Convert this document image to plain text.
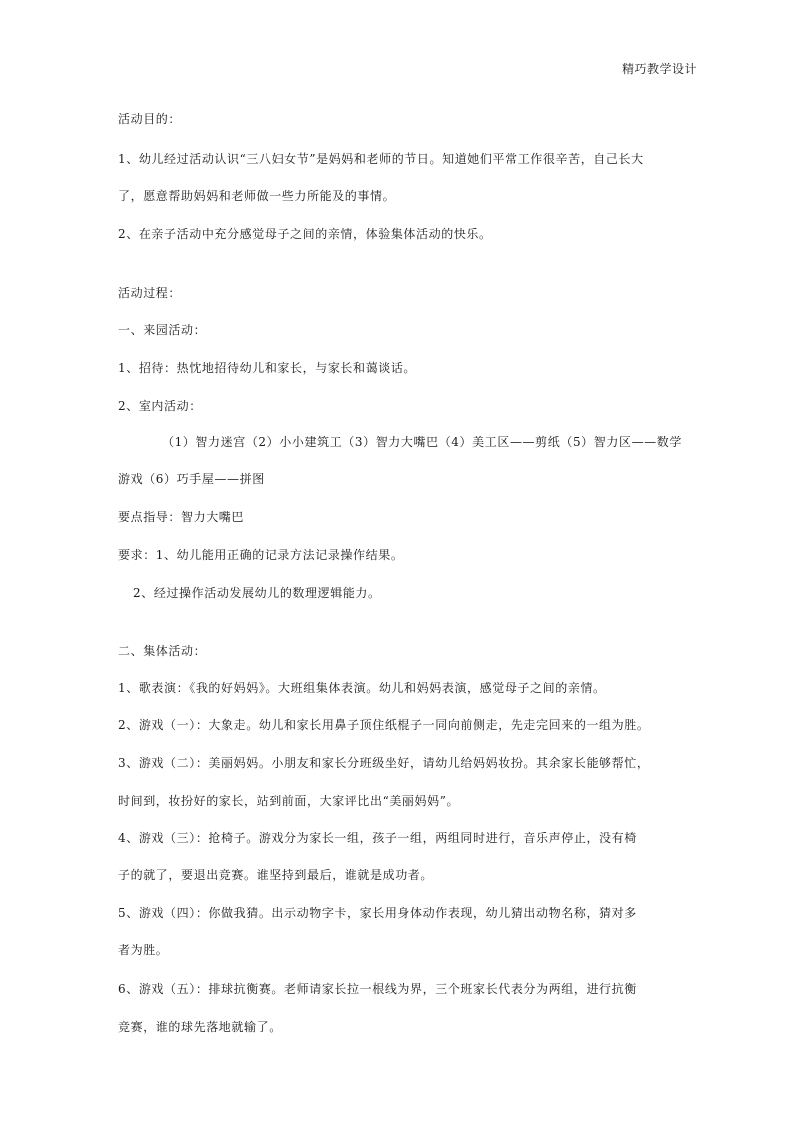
精巧教学设计
活动目的：
1、幼儿经过活动认识“三八妇女节”是妈妈和老师的节日。知道她们平常工作很辛苦，自己长大
了，愿意帮助妈妈和老师做一些力所能及的事情。
2、在亲子活动中充分感觉母子之间的亲情，体验集体活动的快乐。
活动过程：
一、来园活动：
1、招待：热忱地招待幼儿和家长，与家长和蔼谈话。
2、室内活动：
（1）智力迷宫（2）小小建筑工（3）智力大嘴巴（4）美工区——剪纸（5）智力区——数学
游戏（6）巧手屋——拼图
要点指导：智力大嘴巴
要求：1、幼儿能用正确的记录方法记录操作结果。
2、经过操作活动发展幼儿的数理逻辑能力。
二、集体活动：
1、歌表演：《我的好妈妈》。大班组集体表演。幼儿和妈妈表演，感觉母子之间的亲情。
2、游戏（一）：大象走。幼儿和家长用鼻子顶住纸棍子一同向前侧走，先走完回来的一组为胜。
3、游戏（二）：美丽妈妈。小朋友和家长分班级坐好，请幼儿给妈妈妆扮。其余家长能够帮忙，
时间到，妆扮好的家长，站到前面，大家评比出“美丽妈妈”。
4、游戏（三）：抢椅子。游戏分为家长一组，孩子一组，两组同时进行，音乐声停止，没有椅
子的就了，要退出竞赛。谁坚持到最后，谁就是成功者。
5、游戏（四）：你做我猜。出示动物字卡，家长用身体动作表现，幼儿猜出动物名称，猜对多
者为胜。
6、游戏（五）：排球抗衡赛。老师请家长拉一根线为界，三个班家长代表分为两组，进行抗衡
竞赛，谁的球先落地就输了。
